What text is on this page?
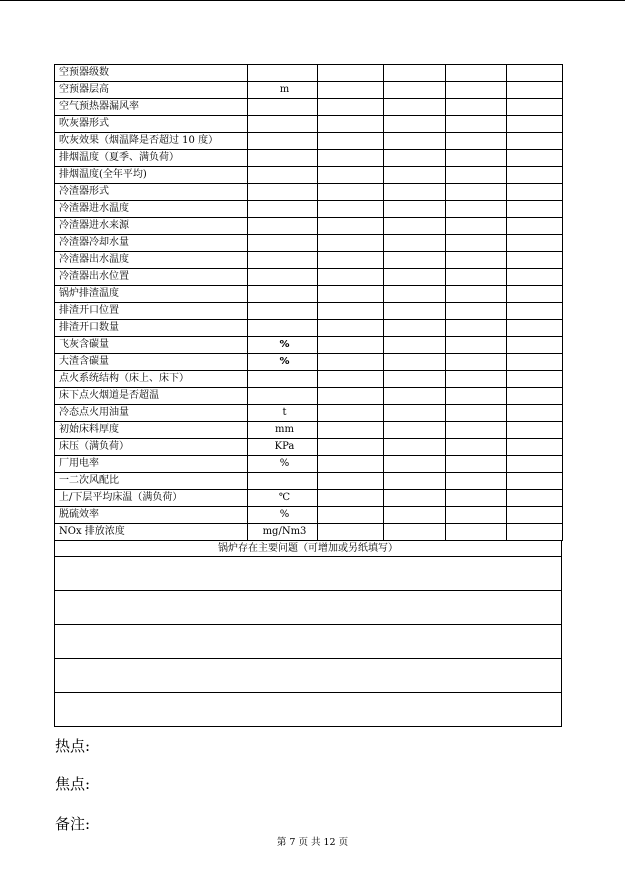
空预器级数					
空预器层高	m				
空气预热器漏风率					
吹灰器形式					
吹灰效果（烟温降是否超过 10 度）					
排烟温度（夏季、满负荷）					
排烟温度(全年平均)					
冷渣器形式					
冷渣器进水温度					
冷渣器进水来源					
冷渣器冷却水量					
冷渣器出水温度					
冷渣器出水位置					
锅炉排渣温度					
排渣开口位置					
排渣开口数量					
飞灰含碳量	%				
大渣含碳量	%				
点火系统结构（床上、床下）					
床下点火烟道是否超温					
冷态点火用油量	t				
初始床料厚度	mm				
床压（满负荷）	KPa				
厂用电率	%				
一二次风配比					
上/下层平均床温（满负荷）	℃				
脱硫效率	%				
NOx 排放浓度	mg/Nm3				
锅炉存在主要问题（可增加或另纸填写）

热点:
焦点:
备注:
第 7 页 共 12 页
